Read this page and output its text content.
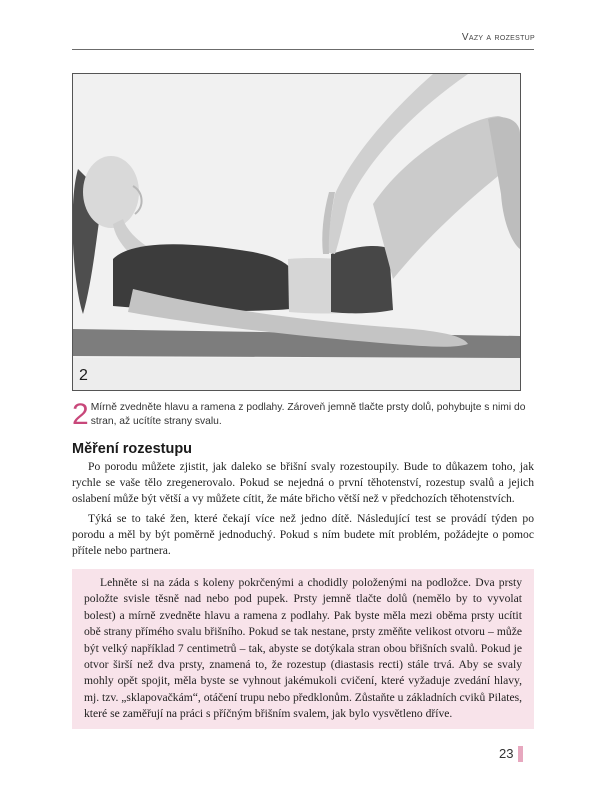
Vazy a rozestup
2
2 Mírně zvedněte hlavu a ramena z podlahy. Zároveň jemně tlačte prsty dolů, pohybujte s nimi do stran, až ucítíte strany svalu.
Měření rozestupu

Po porodu můžete zjistit, jak daleko se břišní svaly rozestoupily. Bude to důkazem toho, jak rychle se vaše tělo zregenerovalo. Pokud se nejedná o první těhotenství, rozestup svalů a jejich oslabení může být větší a vy můžete cítit, že máte břicho větší než v předchozích těhotenstvích.

Týká se to také žen, které čekají více než jedno dítě. Následující test se provádí týden po porodu a měl by být poměrně jednoduchý. Pokud s ním budete mít problém, požádejte o pomoc přítele nebo partnera.

Lehněte si na záda s koleny pokrčenými a chodidly položenými na podložce. Dva prsty položte svisle těsně nad nebo pod pupek. Prsty jemně tlačte dolů (nemělo by to vyvolat bolest) a mírně zvedněte hlavu a ramena z podlahy. Pak byste měla mezi oběma prsty ucítit obě strany přímého svalu břišního. Pokud se tak nestane, prsty změňte velikost otvoru – může být velký například 7 centimetrů – tak, abyste se dotýkala stran obou břišních svalů. Pokud je otvor širší než dva prsty, znamená to, že rozestup (diastasis recti) stále trvá. Aby se svaly mohly opět spojit, měla byste se vyhnout jakémukoli cvičení, které vyžaduje zvedání hlavy, mj. tzv. „sklapovačkám“, otáčení trupu nebo předklonům. Zůstaňte u základních cviků Pilates, které se zaměřují na práci s příčným břišním svalem, jak bylo vysvětleno dříve.

23
